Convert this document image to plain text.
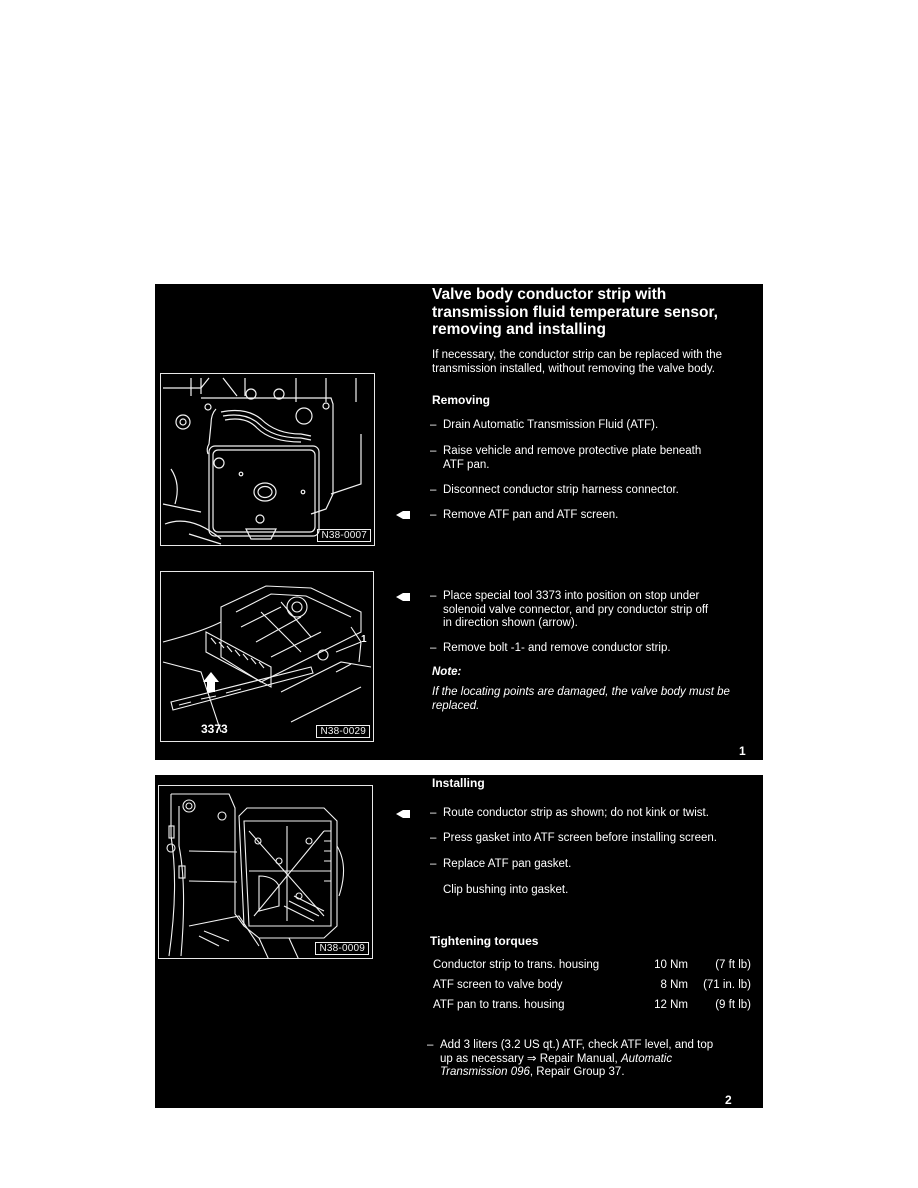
N38-0007
3373
1
N38-0029
Valve body conductor strip with
transmission fluid temperature sensor,
removing and installing
If necessary, the conductor strip can be replaced with the
transmission installed, without removing the valve body.
Removing
– Drain Automatic Transmission Fluid (ATF).
– Raise vehicle and remove protective plate beneath
ATF pan.
– Disconnect conductor strip harness connector.
– Remove ATF pan and ATF screen.
– Place special tool 3373 into position on stop under
solenoid valve connector, and pry conductor strip off
in direction shown (arrow).
– Remove bolt -1- and remove conductor strip.
Note:
If the locating points are damaged, the valve body must be
replaced.
1
N38-0009
Installing
– Route conductor strip as shown; do not kink or twist.
– Press gasket into ATF screen before installing screen.
– Replace ATF pan gasket.
Clip bushing into gasket.
Tightening torques
Conductor strip to trans. housing	10 Nm	(7 ft lb)
ATF screen to valve body	8 Nm	(71 in. lb)
ATF pan to trans. housing	12 Nm	(9 ft lb)
– Add 3 liters (3.2 US qt.) ATF, check ATF level, and top
up as necessary ⇒ Repair Manual, Automatic
Transmission 096, Repair Group 37.
2
